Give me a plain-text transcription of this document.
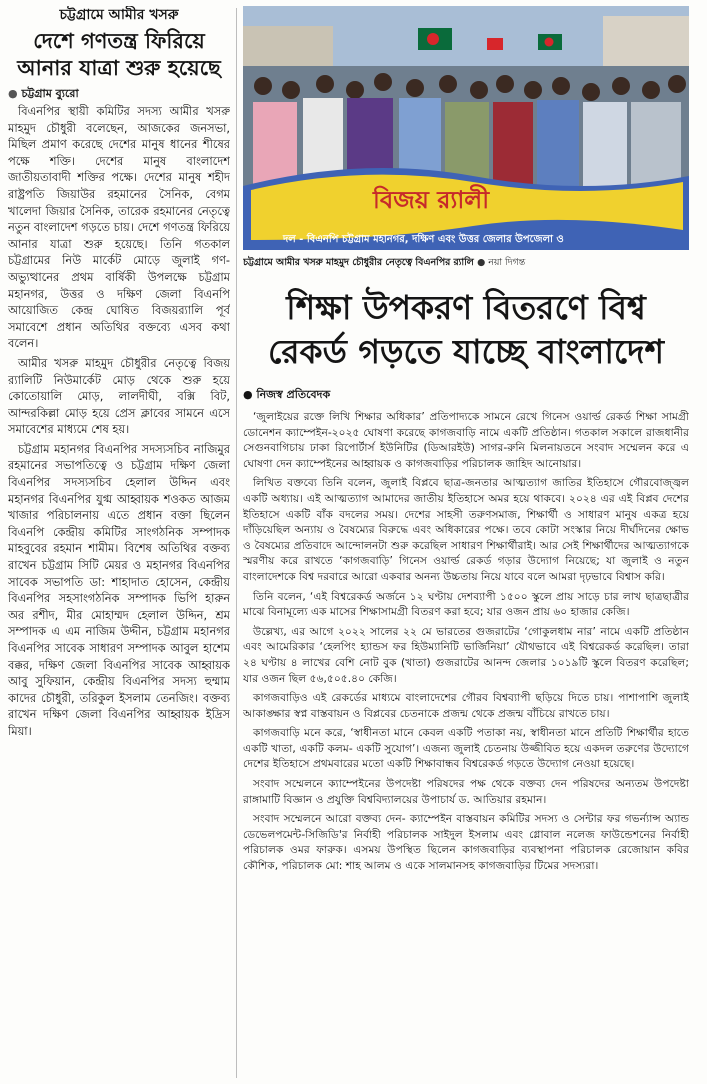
চট্টগ্রামে আমীর খসরু
দেশে গণতন্ত্র ফিরিয়ে আনার যাত্রা শুরু হয়েছে
● চট্টগ্রাম ব্যুরো

বিএনপির স্থায়ী কমিটির সদস্য আমীর খসরু মাহমুদ চৌধুরী বলেছেন, আজকের জনসভা, মিছিল প্রমাণ করেছে দেশের মানুষ ধানের শীষের পক্ষে শক্তি। দেশের মানুষ বাংলাদেশ জাতীয়তাবাদী শক্তির পক্ষে। দেশের মানুষ শহীদ রাষ্ট্রপতি জিয়াউর রহমানের সৈনিক, বেগম খালেদা জিয়ার সৈনিক, তারেক রহমানের নেতৃত্বে নতুন বাংলাদেশ গড়তে চায়। দেশে গণতন্ত্র ফিরিয়ে আনার যাত্রা শুরু হয়েছে। তিনি গতকাল চট্টগ্রামের নিউ মার্কেট মোড়ে জুলাই গণ-অভ্যুত্থানের প্রথম বার্ষিকী উপলক্ষে চট্টগ্রাম মহানগর, উত্তর ও দক্ষিণ জেলা বিএনপি আয়োজিত কেন্দ্র ঘোষিত বিজয়র‍্যালি পূর্ব সমাবেশে প্রধান অতিথির বক্তব্যে এসব কথা বলেন।

আমীর খসরু মাহমুদ চৌধুরীর নেতৃত্বে বিজয় র‍্যালিটি নিউমার্কেট মোড় থেকে শুরু হয়ে কোতোয়ালি মোড়, লালদীঘী, বক্সি বিট, আন্দরকিল্লা মোড় হয়ে প্রেস ক্লাবের সামনে এসে সমাবেশের মাধ্যমে শেষ হয়।

চট্টগ্রাম মহানগর বিএনপির সদস্যসচিব নাজিমুর রহমানের সভাপতিত্বে ও চট্টগ্রাম দক্ষিণ জেলা বিএনপির সদস্যসচিব হেলাল উদ্দিন এবং মহানগর বিএনপির যুগ্ম আহ্বায়ক শওকত আজম খাজার পরিচালনায় এতে প্রধান বক্তা ছিলেন বিএনপি কেন্দ্রীয় কমিটির সাংগঠনিক সম্পাদক মাহবুবের রহমান শামীম। বিশেষ অতিথির বক্তব্য রাখেন চট্টগ্রাম সিটি মেয়র ও মহানগর বিএনপির সাবেক সভাপতি ডা: শাহাদাত হোসেন, কেন্দ্রীয় বিএনপির সহসাংগঠনিক সম্পাদক ভিপি হারুন অর রশীদ, মীর মোহাম্মদ হেলাল উদ্দিন, শ্রম সম্পাদক এ এম নাজিম উদ্দীন, চট্টগ্রাম মহানগর বিএনপির সাবেক সাধারণ সম্পাদক আবুল হাশেম বক্কর, দক্ষিণ জেলা বিএনপির সাবেক আহ্বায়ক আবু সুফিয়ান, কেন্দ্রীয় বিএনপির সদস্য হুম্মাম কাদের চৌধুরী, তরিকুল ইসলাম তেনজিং। বক্তব্য রাখেন দক্ষিণ জেলা বিএনপির আহ্বায়ক ইদ্রিস মিয়া।

বিজয় র‍্যালী
দল - বিএনপি চট্টগ্রাম মহানগর, দক্ষিণ এবং উত্তর জেলার উপজেলা ও
চট্টগ্রামে আমীর খসরু মাহমুদ চৌধুরীর নেতৃত্বে বিএনপির র‍্যালি ● নয়া দিগন্ত
শিক্ষা উপকরণ বিতরণে বিশ্ব রেকর্ড গড়তে যাচ্ছে বাংলাদেশ
● নিজস্ব প্রতিবেদক

‘জুলাইয়ের রক্তে লিখি শিক্ষার অধিকার’ প্রতিপাদ্যকে সামনে রেখে গিনেস ওয়ার্ল্ড রেকর্ড শিক্ষা সামগ্রী ডোনেশন ক্যাম্পেইন-২০২৫ ঘোষণা করেছে কাগজবাড়ি নামে একটি প্রতিষ্ঠান। গতকাল সকালে রাজধানীর সেগুনবাগিচায় ঢাকা রিপোর্টার্স ইউনিটির (ডিআরইউ) সাগর-রুনি মিলনায়তনে সংবাদ সম্মেলন করে এ ঘোষণা দেন ক্যাম্পেইনের আহ্বায়ক ও কাগজবাড়ির পরিচালক জাহিদ আনোয়ার।

লিখিত বক্তব্যে তিনি বলেন, জুলাই বিপ্লবে ছাত্র-জনতার আত্মত্যাগ জাতির ইতিহাসে গৌরবোজ্জ্বল একটি অধ্যায়। এই আত্মত্যাগ আমাদের জাতীয় ইতিহাসে অমর হয়ে থাকবে। ২০২৪ এর এই বিপ্লব দেশের ইতিহাসে একটি বাঁক বদলের সময়। দেশের সাহসী তরুণসমাজ, শিক্ষার্থী ও সাধারণ মানুষ একত্র হয়ে দাঁড়িয়েছিল অন্যায় ও বৈষম্যের বিরুদ্ধে এবং অধিকারের পক্ষে। তবে কোটা সংস্কার নিয়ে দীর্ঘদিনের ক্ষোভ ও বৈষম্যের প্রতিবাদে আন্দোলনটা শুরু করেছিল সাধারণ শিক্ষার্থীরাই। আর সেই শিক্ষার্থীদের আত্মত্যাগকে স্মরণীয় করে রাখতে ‘কাগজবাড়ি’ গিনেস ওয়ার্ল্ড রেকর্ড গড়ার উদ্যোগ নিয়েছে; যা জুলাই ও নতুন বাংলাদেশকে বিশ্ব দরবারে আরো একবার অনন্য উচ্চতায় নিয়ে যাবে বলে আমরা দৃঢ়ভাবে বিশ্বাস করি।

তিনি বলেন, ‘এই বিশ্বরেকর্ড অর্জনে ১২ ঘণ্টায় দেশব্যাপী ১৫০০ স্কুলে প্রায় সাড়ে চার লাখ ছাত্রছাত্রীর মাঝে বিনামূল্যে এক মাসের শিক্ষাসামগ্রী বিতরণ করা হবে; যার ওজন প্রায় ৬০ হাজার কেজি।

উল্লেখ্য, এর আগে ২০২২ সালের ২২ মে ভারতের গুজরাটের ‘গোকুলধাম নার’ নামে একটি প্রতিষ্ঠান এবং আমেরিকার ‘হেলপিং হ্যান্ডস ফর হিউম্যানিটি ভার্জিনিয়া’ যৌথভাবে এই বিশ্বরেকর্ড করেছিল। তারা ২৪ ঘণ্টায় ৪ লাখের বেশি নোট বুক (খাতা) গুজরাটের আনন্দ জেলার ১০১৯টি স্কুলে বিতরণ করেছিল; যার ওজন ছিল ৫৬,৫০৫.৪০ কেজি।

কাগজবাড়িও এই রেকর্ডের মাধ্যমে বাংলাদেশের গৌরব বিশ্বব্যাপী ছড়িয়ে দিতে চায়। পাশাপাশি জুলাই আকাঙ্ক্ষার স্বপ্ন বাস্তবায়ন ও বিপ্লবের চেতনাকে প্রজন্ম থেকে প্রজন্ম বাঁচিয়ে রাখতে চায়।

কাগজবাড়ি মনে করে, ‘স্বাধীনতা মানে কেবল একটি পতাকা নয়, স্বাধীনতা মানে প্রতিটি শিক্ষার্থীর হাতে একটি খাতা, একটি কলম- একটি সুযোগ’। এজন্য জুলাই চেতনায় উজ্জীবিত হয়ে একদল তরুণের উদ্যোগে দেশের ইতিহাসে প্রথমবারের মতো একটি শিক্ষাবান্ধব বিশ্বরেকর্ড গড়তে উদ্যোগ নেওয়া হয়েছে।

সংবাদ সম্মেলনে ক্যাম্পেইনের উপদেষ্টা পরিষদের পক্ষ থেকে বক্তব্য দেন পরিষদের অন্যতম উপদেষ্টা রাঙ্গামাটি বিজ্ঞান ও প্রযুক্তি বিশ্ববিদ্যালয়ের উপাচার্য ড. আতিয়ার রহমান।

সংবাদ সম্মেলনে আরো বক্তব্য দেন- ক্যাম্পেইন বাস্তবায়ন কমিটির সদস্য ও সেন্টার ফর গভর্ন্যান্স অ্যান্ড ডেভেলপমেন্ট-সিজিডি'র নির্বাহী পরিচালক সাইদুল ইসলাম এবং গ্লোবাল নলেজ ফাউন্ডেশনের নির্বাহী পরিচালক ওমর ফারুক। এসময় উপস্থিত ছিলেন কাগজবাড়ির ব্যবস্থাপনা পরিচালক রেজোয়ান কবির কৌশিক, পরিচালক মো: শাহ আলম ও একে সালমানসহ কাগজবাড়ির টিমের সদস্যরা।
